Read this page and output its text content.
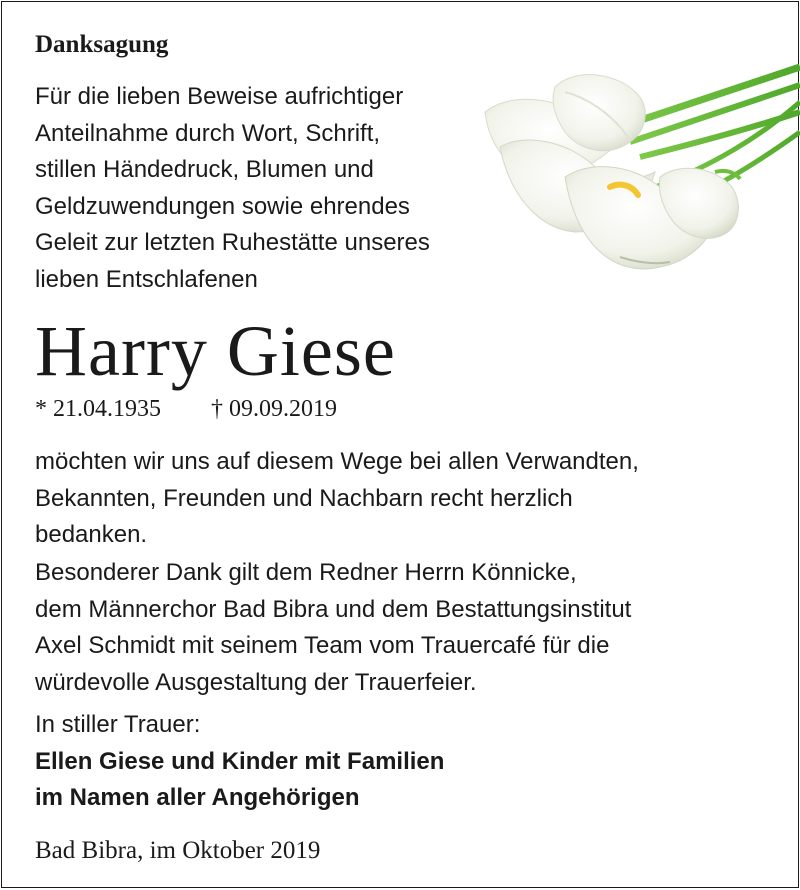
Danksagung
Für die lieben Beweise aufrichtiger
Anteilnahme durch Wort, Schrift,
stillen Händedruck, Blumen und
Geldzuwendungen sowie ehrendes
Geleit zur letzten Ruhestätte unseres
lieben Entschlafenen
Harry Giese
* 21.04.1935 † 09.09.2019
möchten wir uns auf diesem Wege bei allen Verwandten,
Bekannten, Freunden und Nachbarn recht herzlich
bedanken.
Besonderer Dank gilt dem Redner Herrn Könnicke,
dem Männerchor Bad Bibra und dem Bestattungsinstitut
Axel Schmidt mit seinem Team vom Trauercafé für die
würdevolle Ausgestaltung der Trauerfeier.
In stiller Trauer:
Ellen Giese und Kinder mit Familien
im Namen aller Angehörigen
Bad Bibra, im Oktober 2019
